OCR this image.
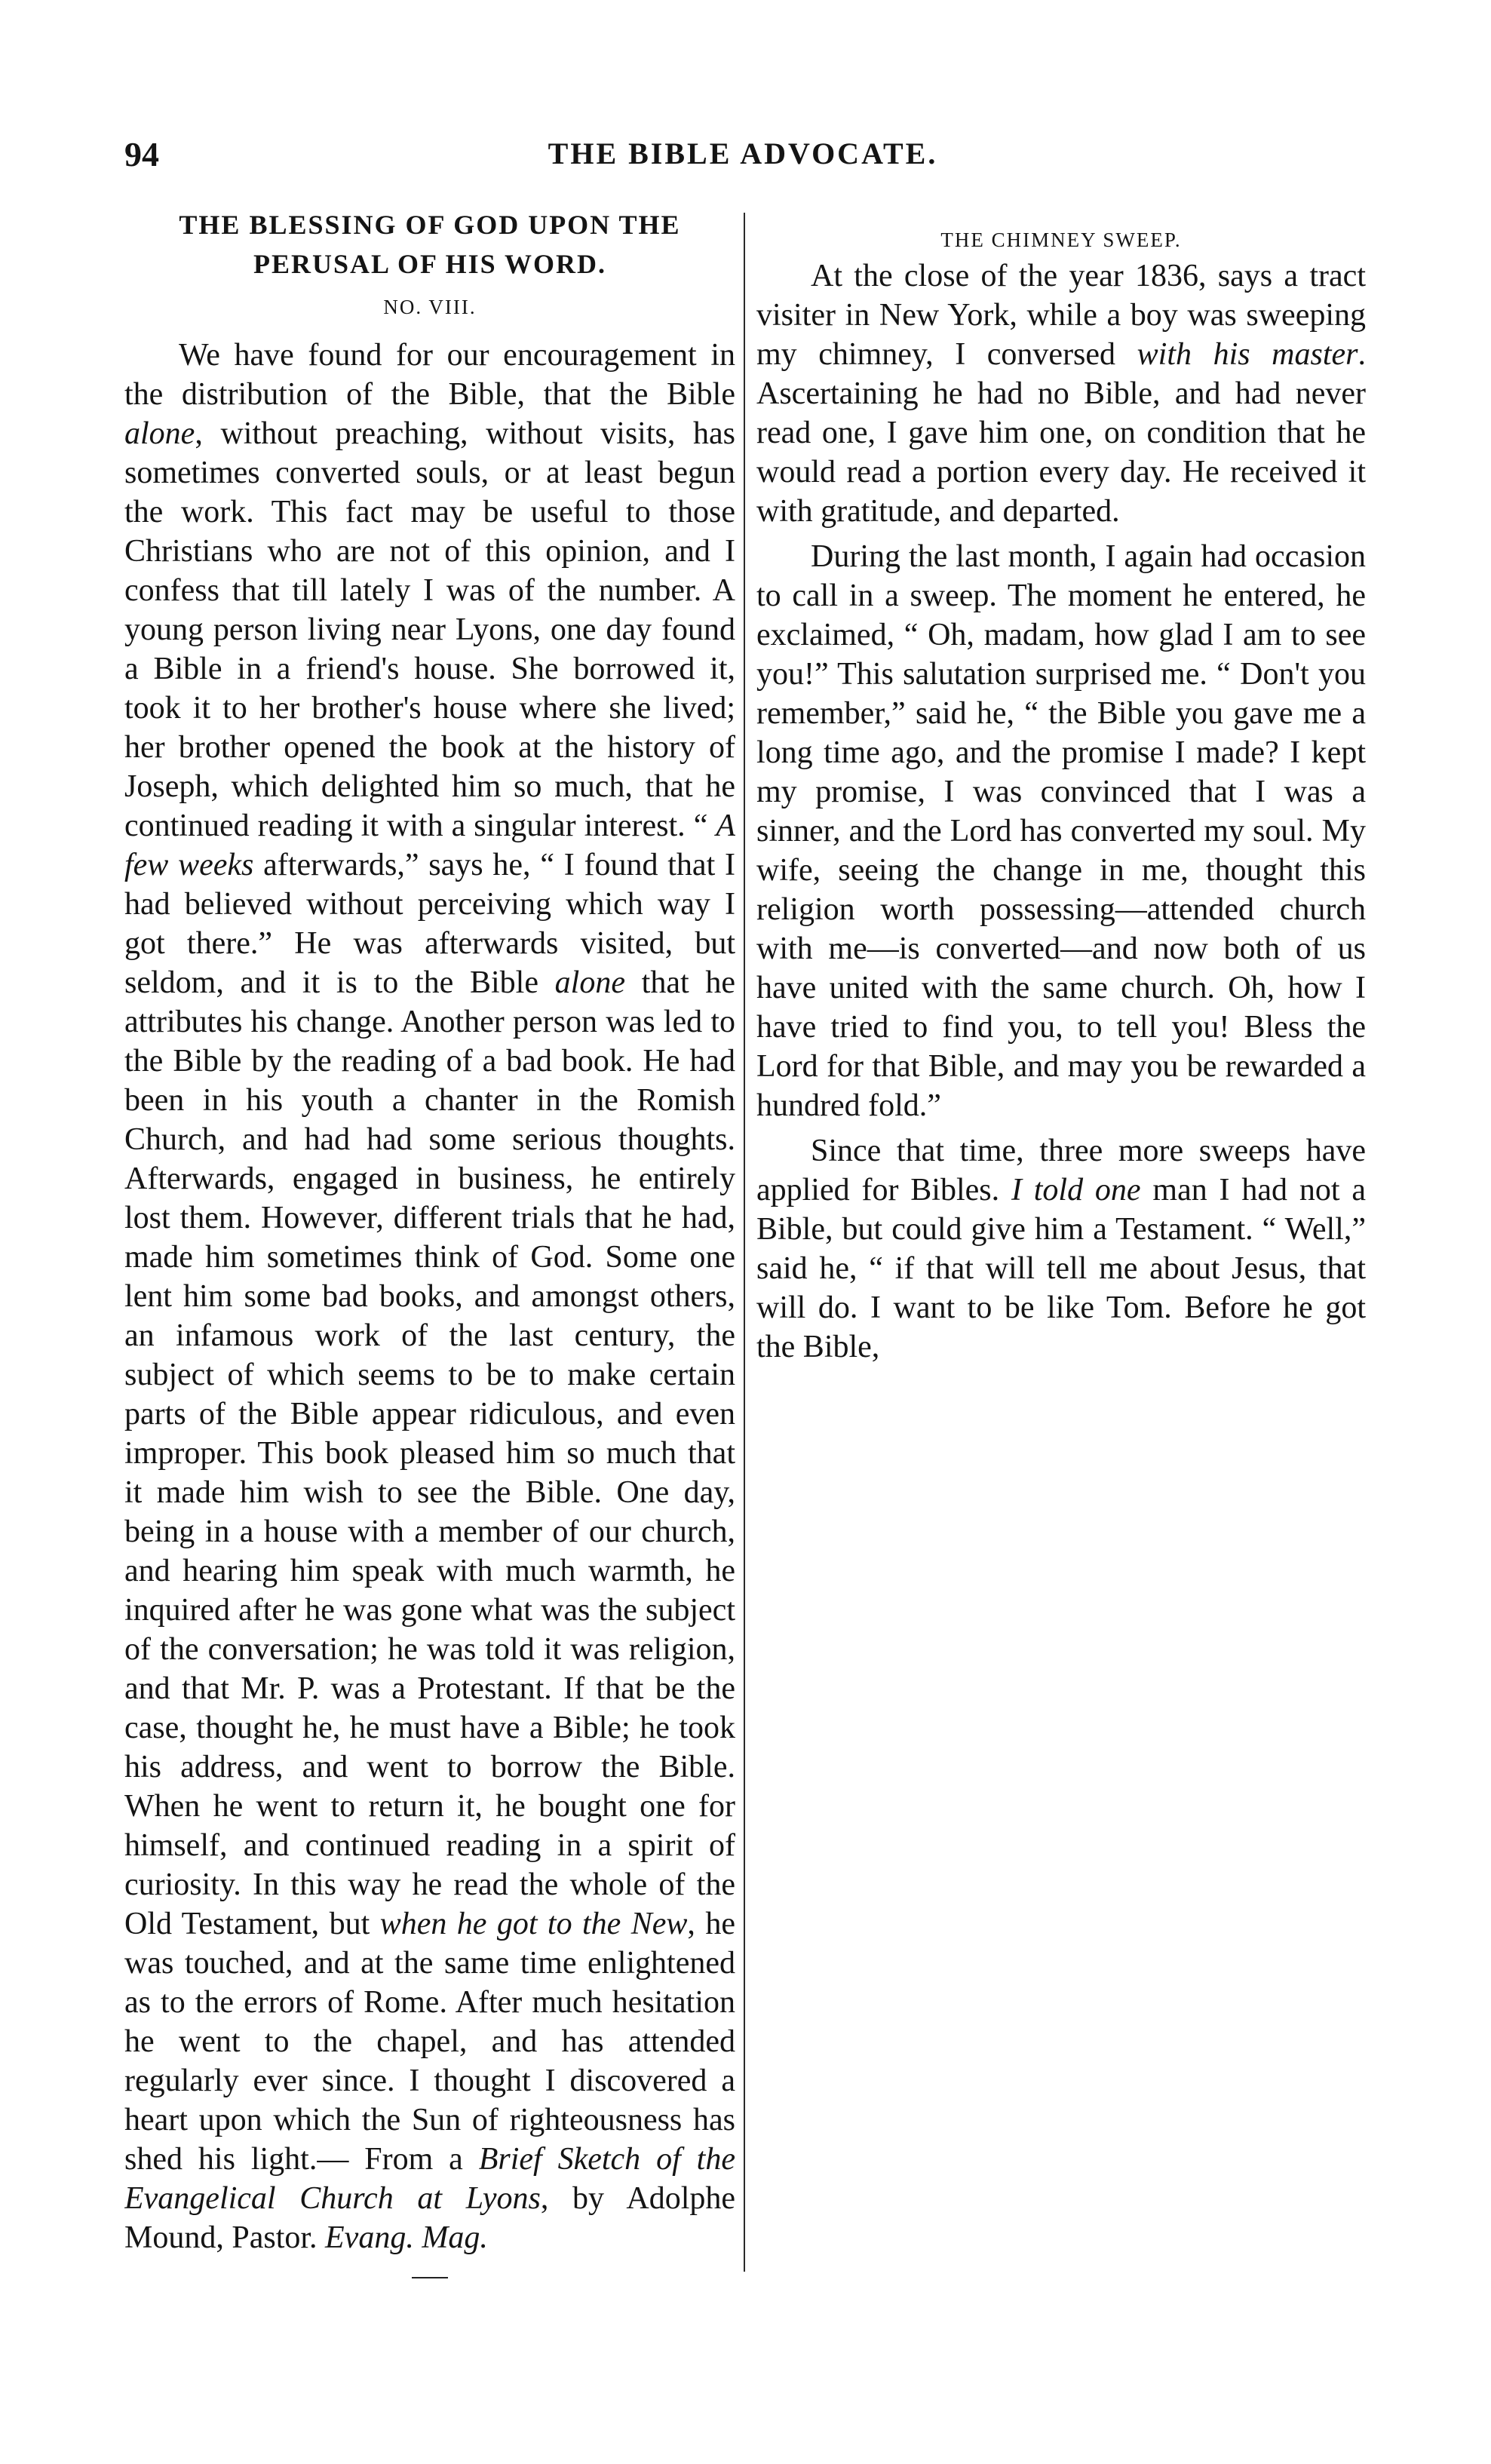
94	THE BIBLE ADVOCATE.
THE BLESSING OF GOD UPON THE PERUSAL OF HIS WORD.
NO. VIII.

We have found for our encouragement in the distribution of the Bible, that the Bible alone, without preaching, without visits, has sometimes converted souls, or at least begun the work. This fact may be useful to those Christians who are not of this opinion, and I confess that till lately I was of the number. A young person living near Lyons, one day found a Bible in a friend's house. She borrowed it, took it to her brother's house where she lived; her brother opened the book at the history of Joseph, which delighted him so much, that he continued reading it with a singular interest. “ A few weeks afterwards,” says he, “ I found that I had believed without perceiving which way I got there.” He was afterwards visited, but seldom, and it is to the Bible alone that he attributes his change. Another person was led to the Bible by the reading of a bad book. He had been in his youth a chanter in the Romish Church, and had had some serious thoughts. Afterwards, engaged in business, he entirely lost them. However, different trials that he had, made him sometimes think of God. Some one lent him some bad books, and amongst others, an infamous work of the last century, the subject of which seems to be to make certain parts of the Bible appear ridiculous, and even improper. This book pleased him so much that it made him wish to see the Bible. One day, being in a house with a member of our church, and hearing him speak with much warmth, he inquired after he was gone what was the subject of the conversation; he was told it was religion, and that Mr. P. was a Protestant. If that be the case, thought he, he must have a Bible; he took his address, and went to borrow the Bible. When he went to return it, he bought one for himself, and continued reading in a spirit of curiosity. In this way he read the whole of the Old Testament, but when he got to the New, he was touched, and at the same time enlightened as to the errors of Rome. After much hesitation he went to the chapel, and has attended regularly ever since. I thought I discovered a heart upon which the Sun of righteousness has shed his light.— From a Brief Sketch of the Evangelical Church at Lyons, by Adolphe Mound, Pastor. Evang. Mag.

THE CHIMNEY SWEEP.

At the close of the year 1836, says a tract visiter in New York, while a boy was sweeping my chimney, I conversed with his master. Ascertaining he had no Bible, and had never read one, I gave him one, on condition that he would read a portion every day. He received it with gratitude, and departed.

During the last month, I again had occasion to call in a sweep. The moment he entered, he exclaimed, “ Oh, madam, how glad I am to see you!” This salutation surprised me. “ Don't you remember,” said he, “ the Bible you gave me a long time ago, and the promise I made? I kept my promise, I was convinced that I was a sinner, and the Lord has converted my soul. My wife, seeing the change in me, thought this religion worth possessing—attended church with me—is converted—and now both of us have united with the same church. Oh, how I have tried to find you, to tell you! Bless the Lord for that Bible, and may you be rewarded a hundred fold.”

Since that time, three more sweeps have applied for Bibles. I told one man I had not a Bible, but could give him a Testament. “ Well,” said he, “ if that will tell me about Jesus, that will do. I want to be like Tom. Before he got the Bible,
